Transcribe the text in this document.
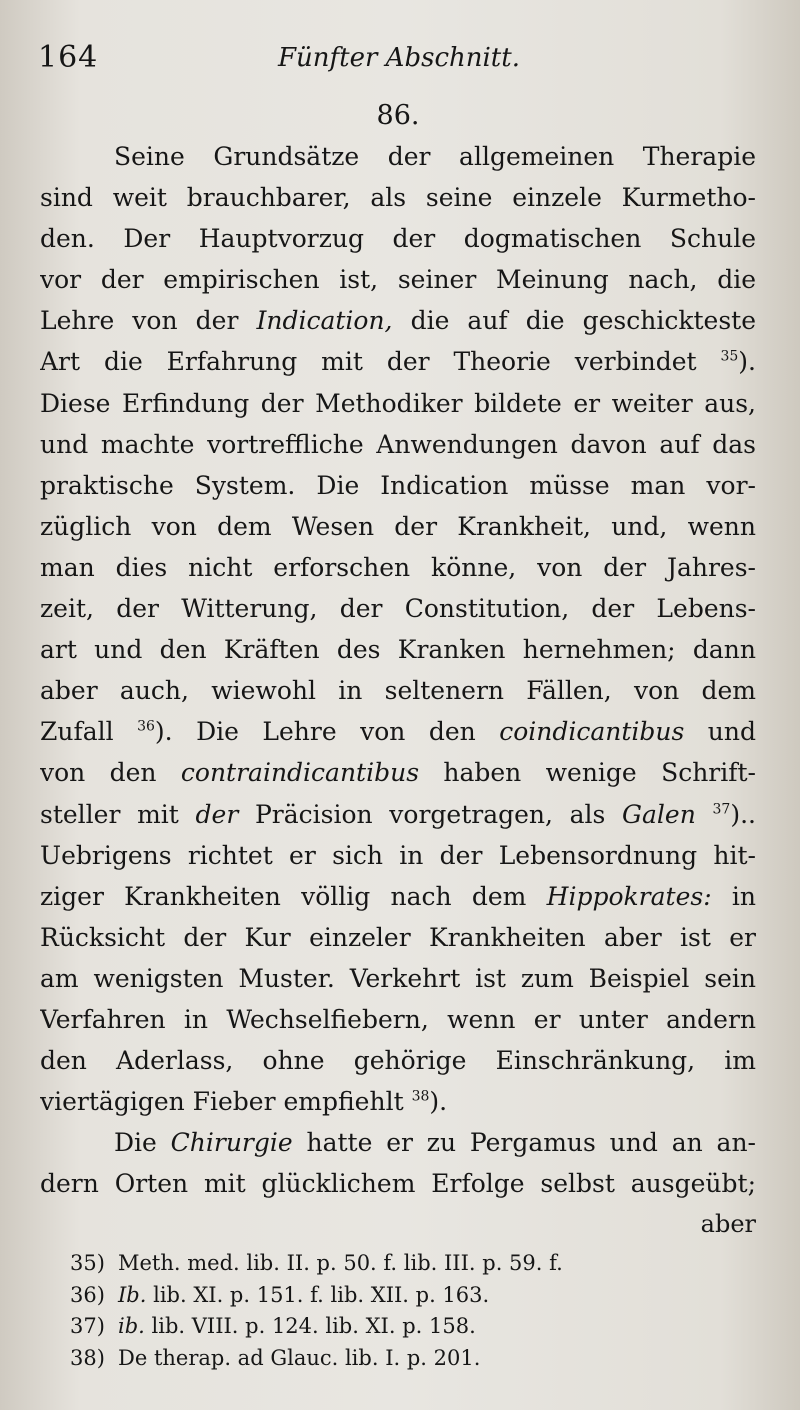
164	Fünfter Abschnitt.
86.
Seine Grundsätze der allgemeinen Therapie
sind weit brauchbarer, als seine einzele Kurmetho-
den. Der Hauptvorzug der dogmatischen Schule
vor der empirischen ist, seiner Meinung nach, die
Lehre von der Indication, die auf die geschickteste
Art die Erfahrung mit der Theorie verbindet $^{35}$).
Diese Erfindung der Methodiker bildete er weiter aus,
und machte vortreffliche Anwendungen davon auf das
praktische System. Die Indication müsse man vor-
züglich von dem Wesen der Krankheit, und, wenn
man dies nicht erforschen könne, von der Jahres-
zeit, der Witterung, der Constitution, der Lebens-
art und den Kräften des Kranken hernehmen; dann
aber auch, wiewohl in seltenern Fällen, von dem
Zufall $^{36}$). Die Lehre von den coindicantibus und
von den contraindicantibus haben wenige Schrift-
steller mit der Präcision vorgetragen, als Galen $^{37}$)..
Uebrigens richtet er sich in der Lebensordnung hit-
ziger Krankheiten völlig nach dem Hippokrates: in
Rücksicht der Kur einzeler Krankheiten aber ist er
am wenigsten Muster. Verkehrt ist zum Beispiel sein
Verfahren in Wechselfiebern, wenn er unter andern
den Aderlass, ohne gehörige Einschränkung, im
viertägigen Fieber empfiehlt $^{38}$).
Die Chirurgie hatte er zu Pergamus und an an-
dern Orten mit glücklichem Erfolge selbst ausgeübt;
aber
35) Meth. med. lib. II. p. 50. f. lib. III. p. 59. f.
36) Ib. lib. XI. p. 151. f. lib. XII. p. 163.
37) ib. lib. VIII. p. 124. lib. XI. p. 158.
38) De therap. ad Glauc. lib. I. p. 201.
